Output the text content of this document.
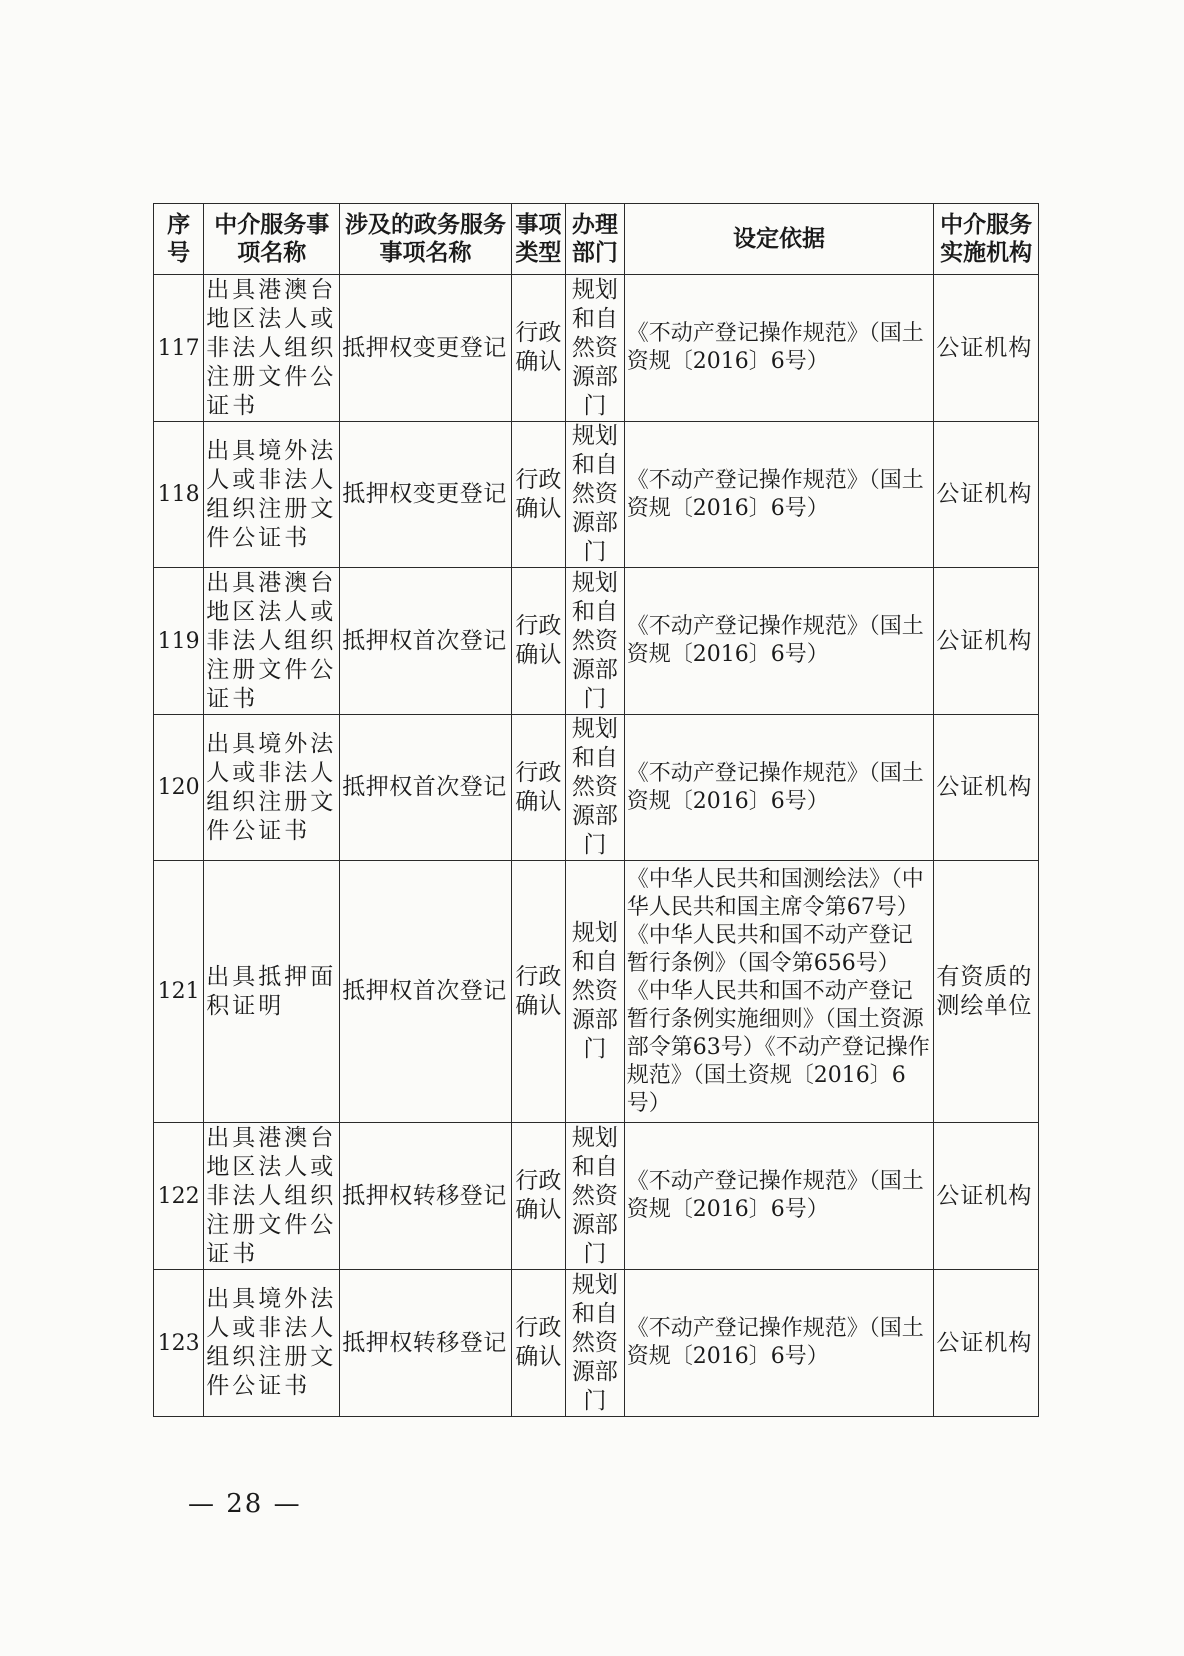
序号	中介服务事项名称	涉及的政务服务事项名称	事项类型	办理部门	设定依据	中介服务实施机构
117	出具港澳台地区法人或非法人组织注册文件公证书	抵押权变更登记	行政确认	规划和自然资源部门	《不动产登记操作规范》（国土资规〔2016〕6号）	公证机构
118	出具境外法人或非法人组织注册文件公证书	抵押权变更登记	行政确认	规划和自然资源部门	《不动产登记操作规范》（国土资规〔2016〕6号）	公证机构
119	出具港澳台地区法人或非法人组织注册文件公证书	抵押权首次登记	行政确认	规划和自然资源部门	《不动产登记操作规范》（国土资规〔2016〕6号）	公证机构
120	出具境外法人或非法人组织注册文件公证书	抵押权首次登记	行政确认	规划和自然资源部门	《不动产登记操作规范》（国土资规〔2016〕6号）	公证机构
121	出具抵押面积证明	抵押权首次登记	行政确认	规划和自然资源部门	《中华人民共和国测绘法》（中华人民共和国主席令第67号）《中华人民共和国不动产登记暂行条例》（国令第656号）《中华人民共和国不动产登记暂行条例实施细则》（国土资源部令第63号）《不动产登记操作规范》（国土资规〔2016〕6号）	有资质的测绘单位
122	出具港澳台地区法人或非法人组织注册文件公证书	抵押权转移登记	行政确认	规划和自然资源部门	《不动产登记操作规范》（国土资规〔2016〕6号）	公证机构
123	出具境外法人或非法人组织注册文件公证书	抵押权转移登记	行政确认	规划和自然资源部门	《不动产登记操作规范》（国土资规〔2016〕6号）	公证机构
— 28 —
